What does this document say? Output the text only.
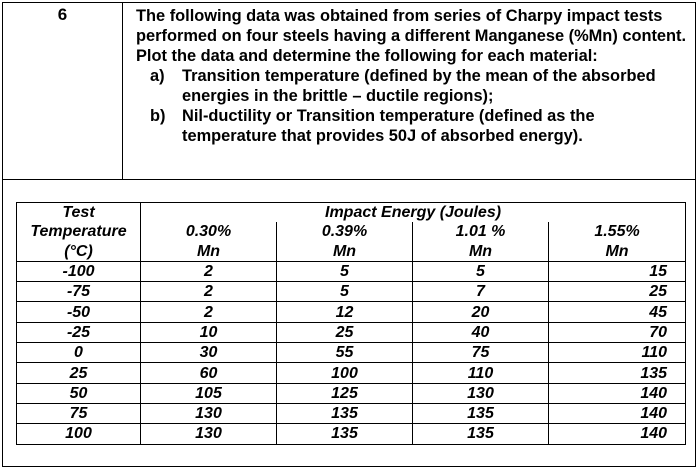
6	The following data was obtained from series of Charpy impact tests performed on four steels having a different Manganese (%Mn) content. Plot the data and determine the following for each material:

a)	Transition temperature (defined by the mean of the absorbed energies in the brittle – ductile regions);
b)	Nil-ductility or Transition temperature (defined as the temperature that provides 50J of absorbed energy).
Test	Impact Energy (Joules)			
Temperature	0.30%	0.39%	1.01 %	1.55%
(°C)	Mn	Mn	Mn	Mn
-100	2	5	5	15
-75	2	5	7	25
-50	2	12	20	45
-25	10	25	40	70
0	30	55	75	110
25	60	100	110	135
50	105	125	130	140
75	130	135	135	140
100	130	135	135	140
